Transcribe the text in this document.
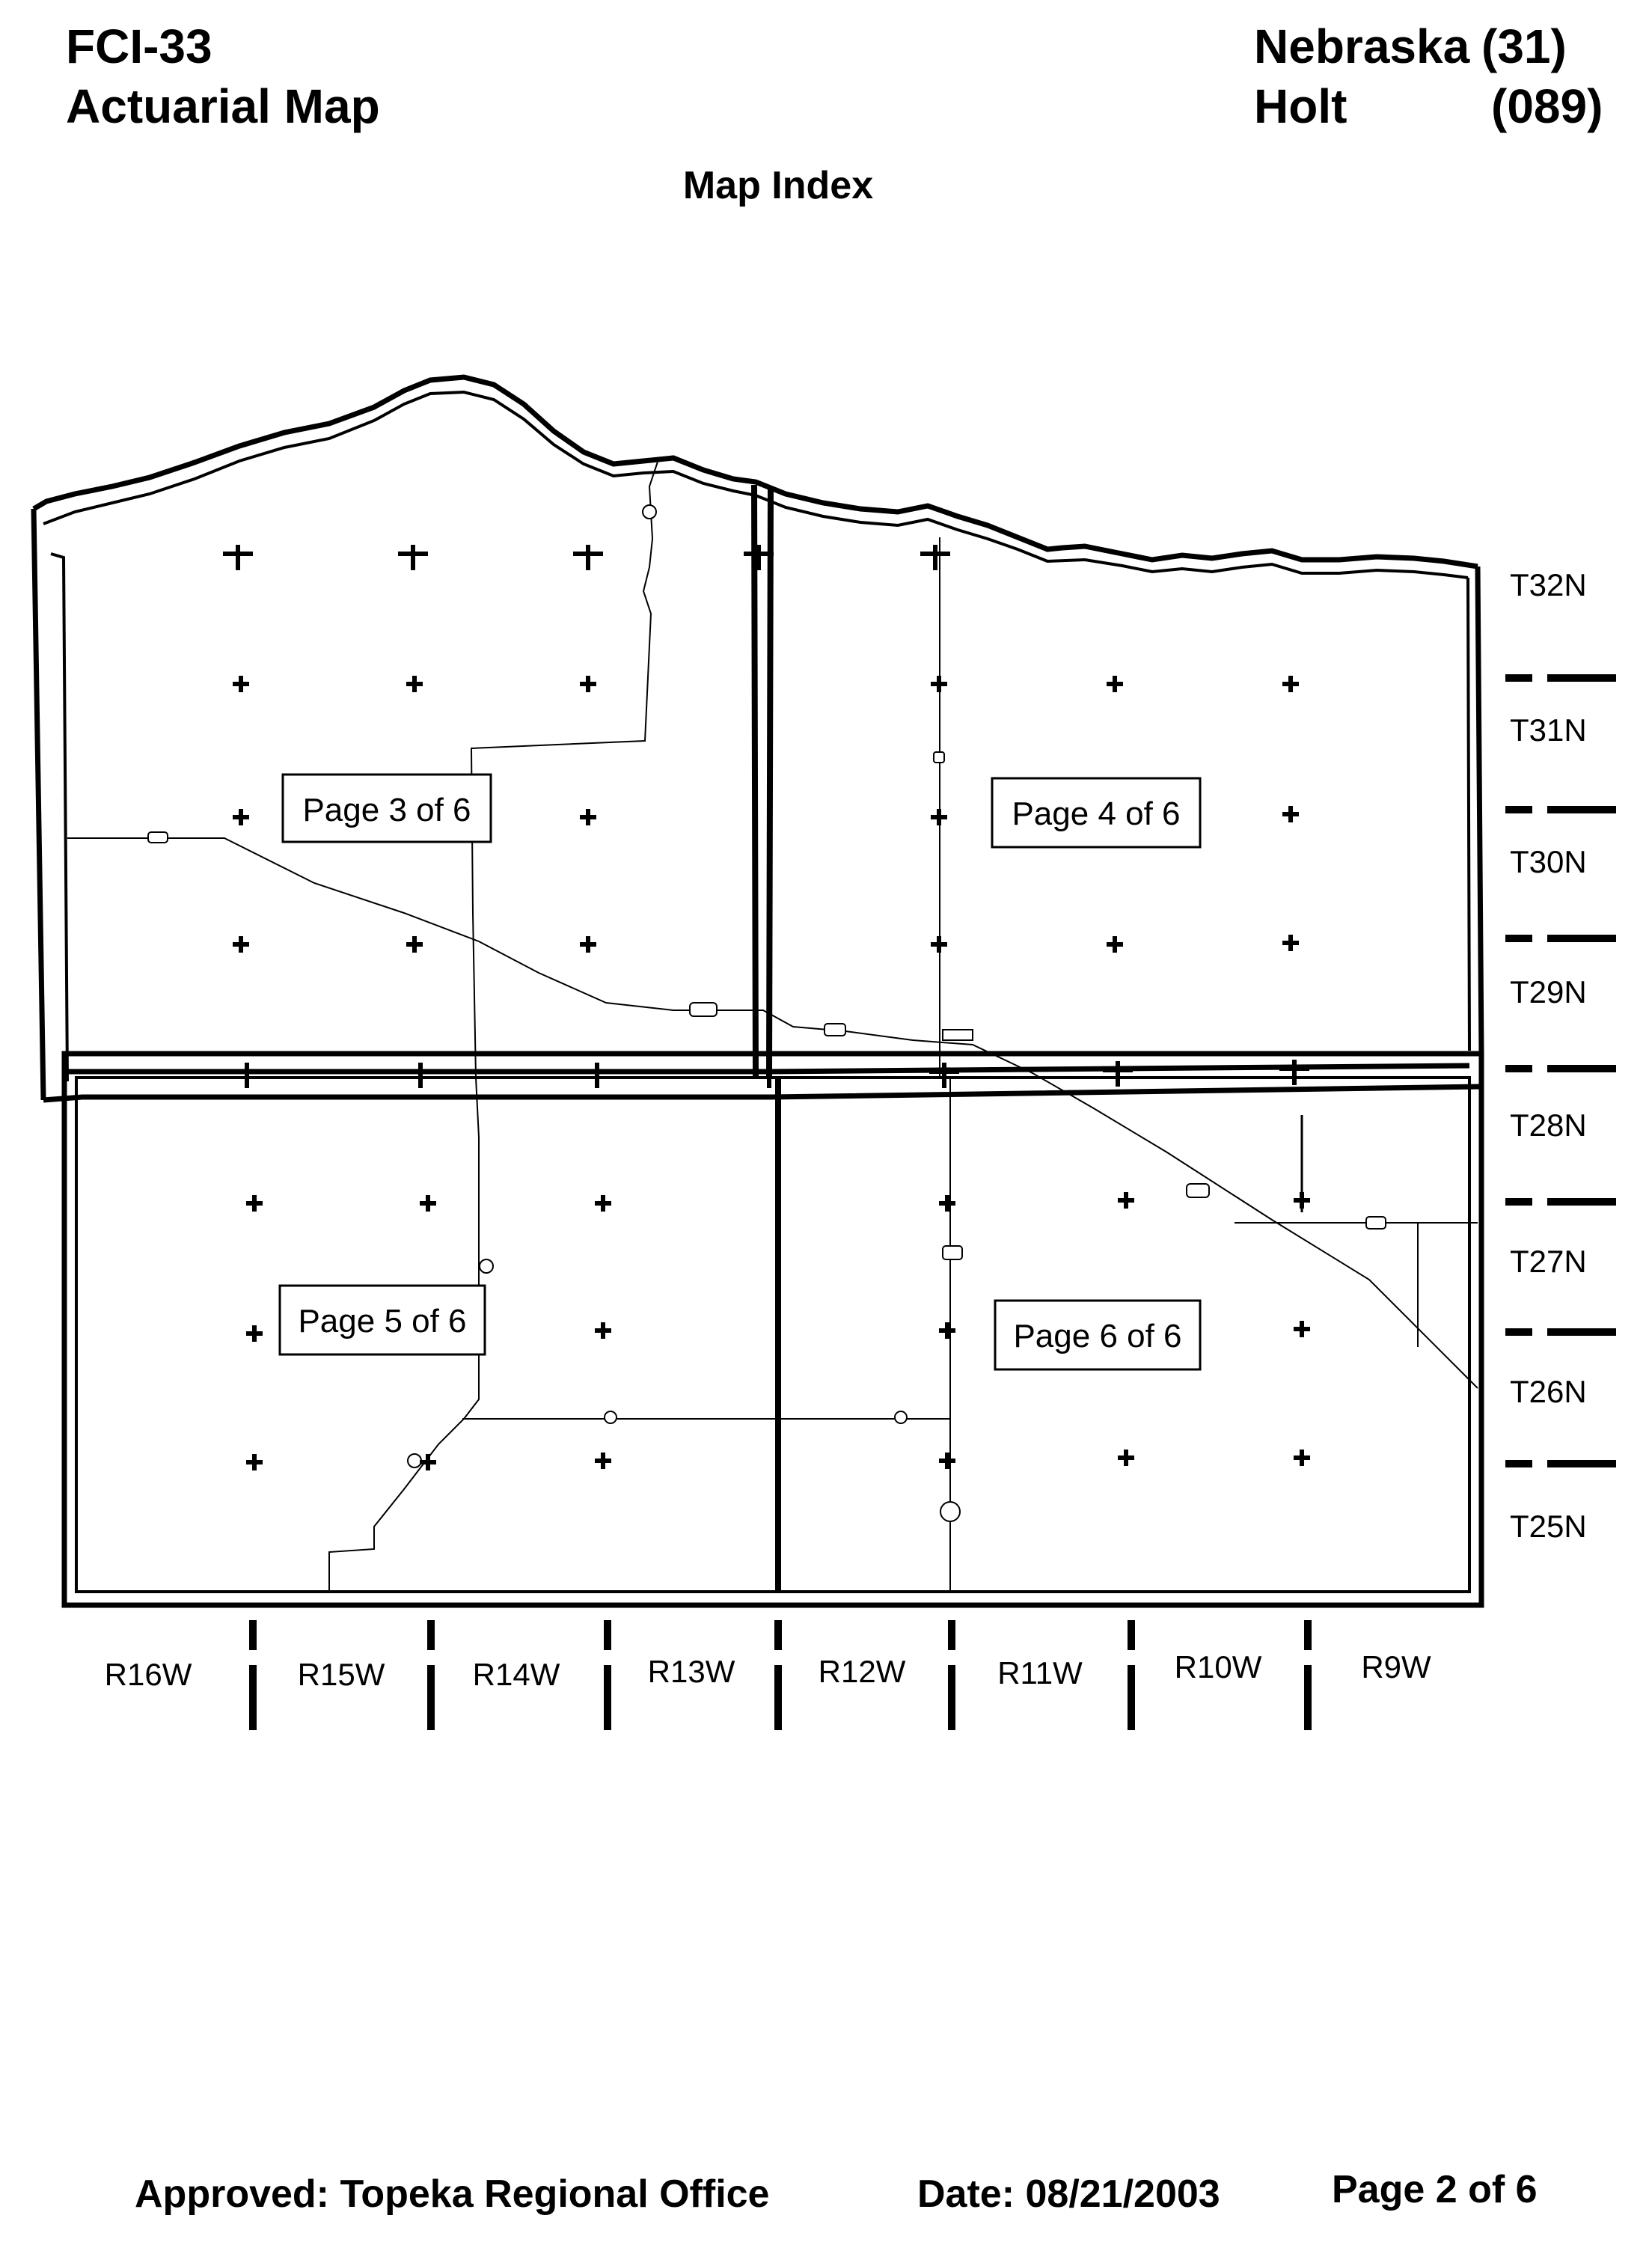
FCI-33
Actuarial Map
Nebraska (31)
Holt	(089)
Map Index
Page 3 of 6	Page 4 of 6
Page 5 of 6	Page 6 of 6
T32N
T31N
T30N
T29N
T28N
T27N
T26N
T25N
R16W	R15W	R14W	R13W	R12W	R11W	R10W	R9W
Approved: Topeka Regional Office	Date: 08/21/2003	Page 2 of 6
